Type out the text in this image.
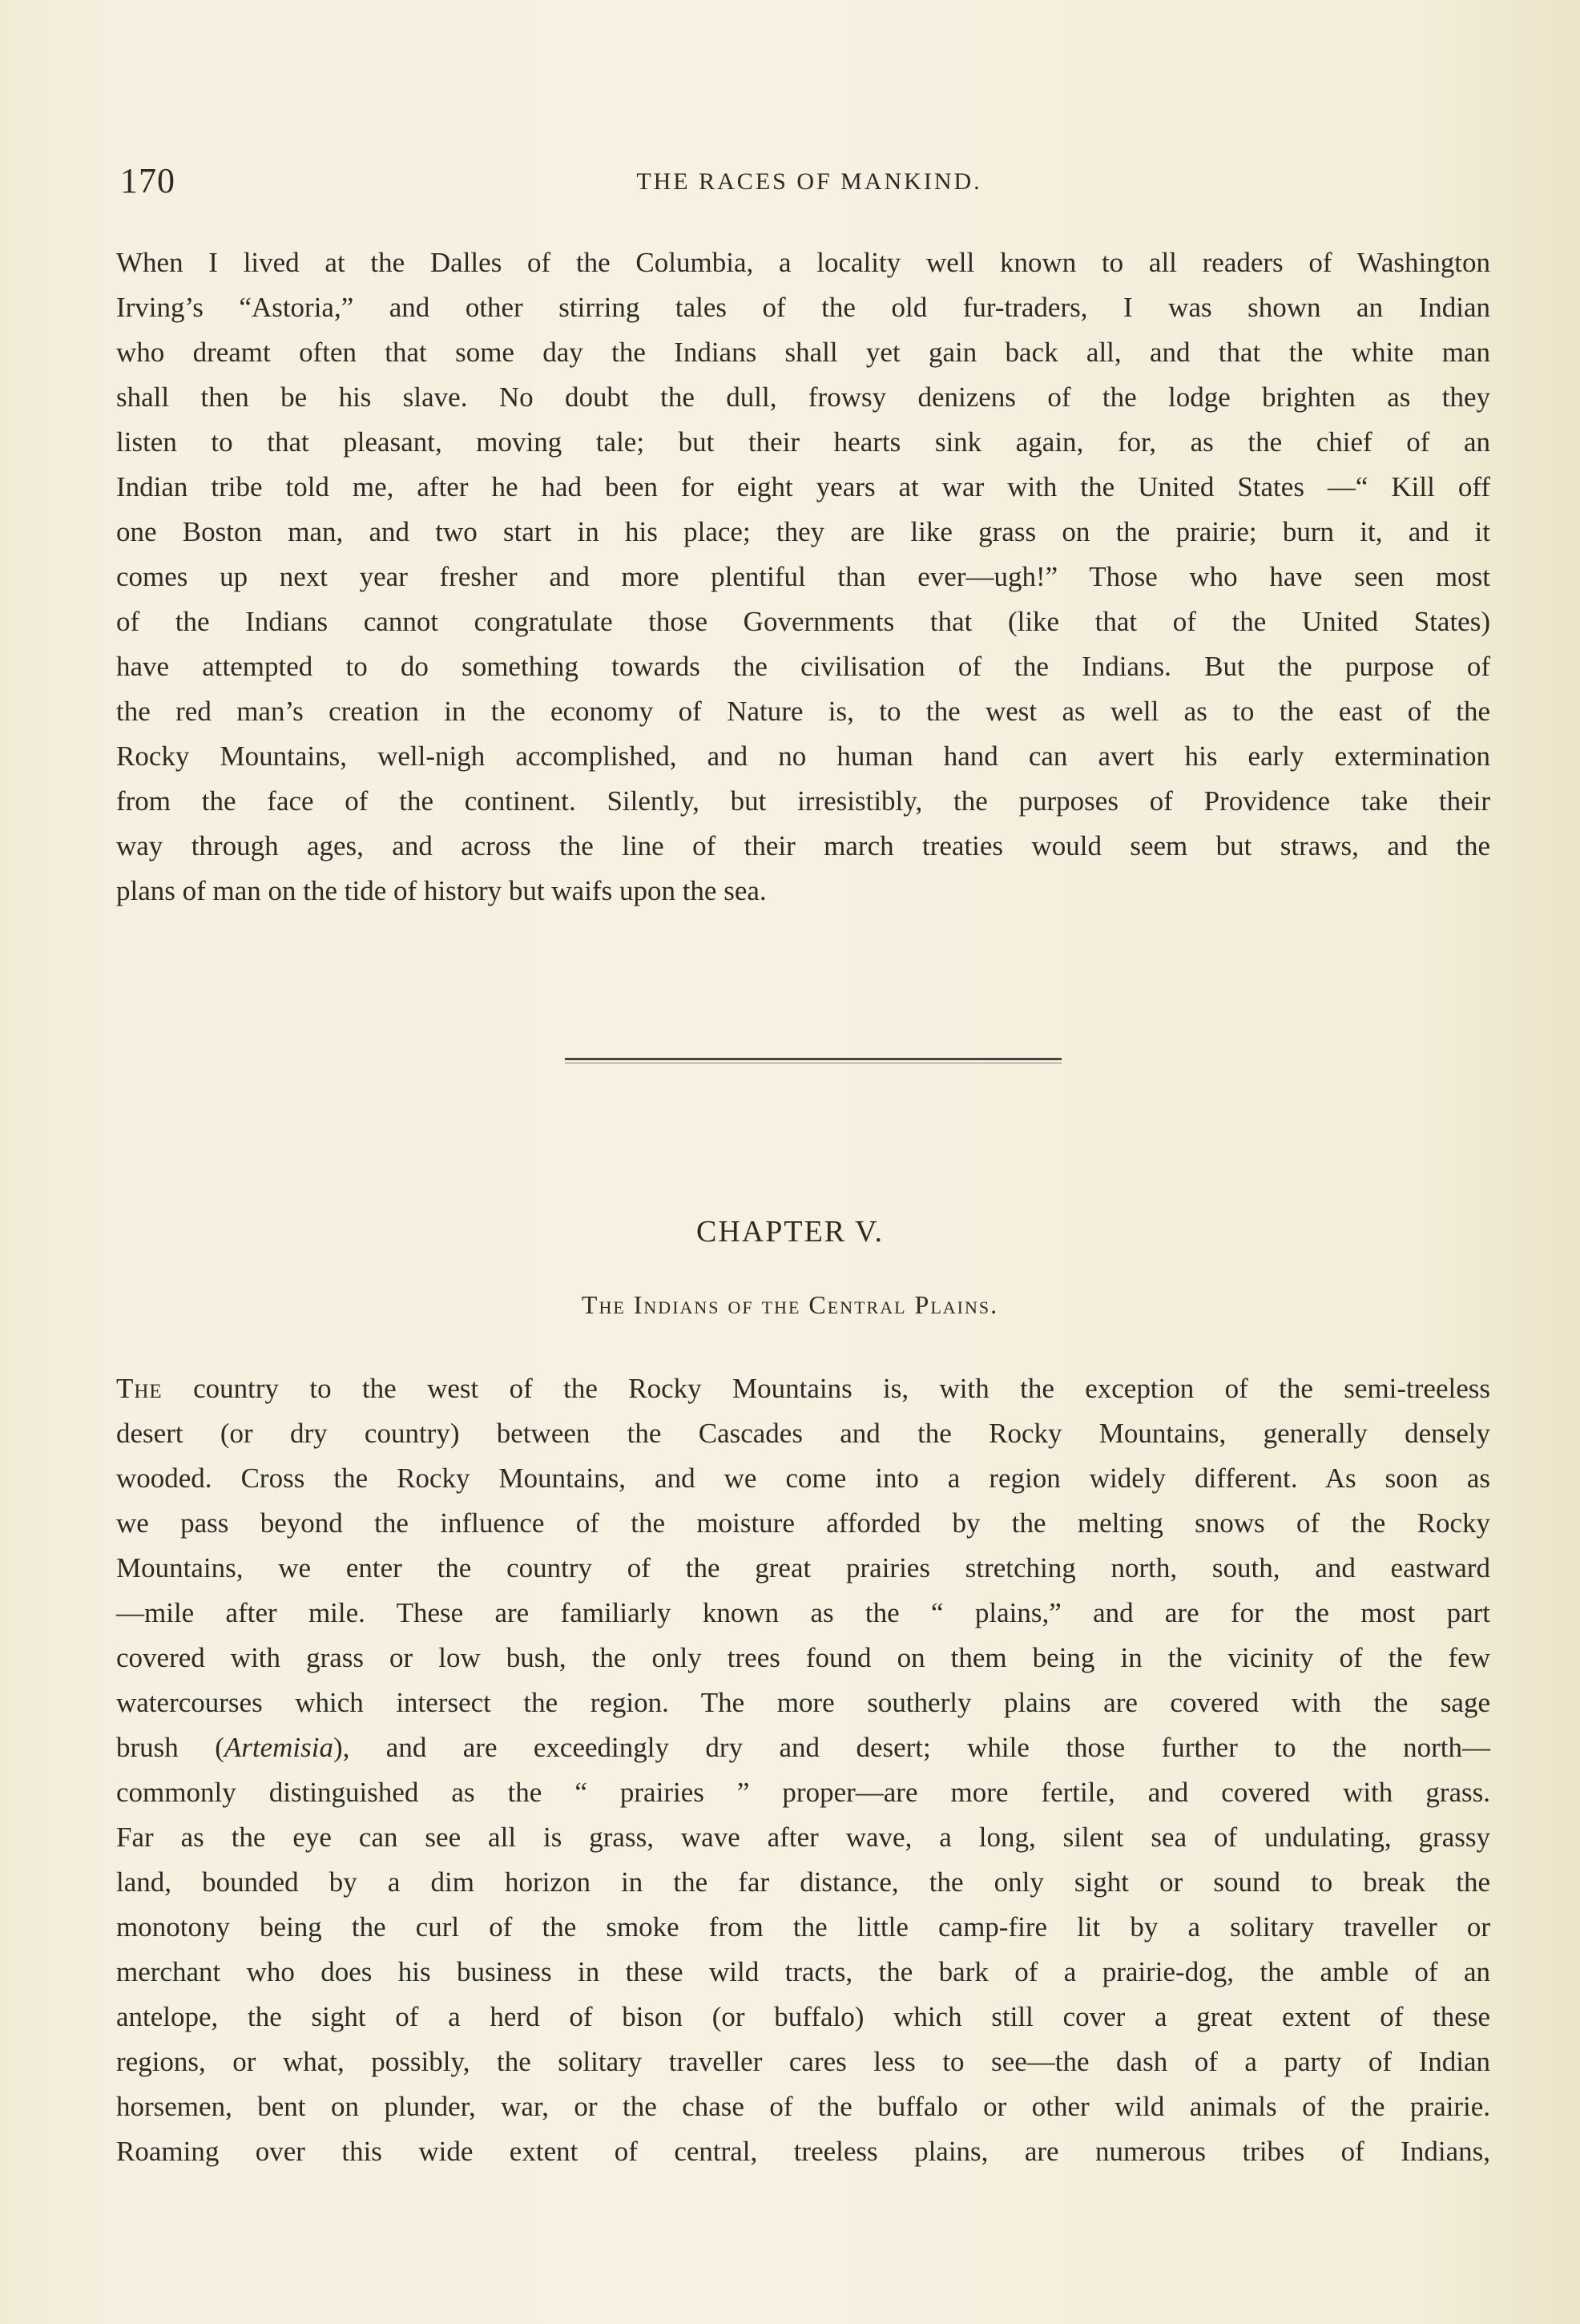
170	THE RACES OF MANKIND.
When I lived at the Dalles of the Columbia, a locality well known to all readers of Washington
Irving’s “Astoria,” and other stirring tales of the old fur-traders, I was shown an Indian
who dreamt often that some day the Indians shall yet gain back all, and that the white man
shall then be his slave. No doubt the dull, frowsy denizens of the lodge brighten as they
listen to that pleasant, moving tale; but their hearts sink again, for, as the chief of an
Indian tribe told me, after he had been for eight years at war with the United States —“ Kill off
one Boston man, and two start in his place; they are like grass on the prairie; burn it, and it
comes up next year fresher and more plentiful than ever—ugh!” Those who have seen most
of the Indians cannot congratulate those Governments that (like that of the United States)
have attempted to do something towards the civilisation of the Indians. But the purpose of
the red man’s creation in the economy of Nature is, to the west as well as to the east of the
Rocky Mountains, well-nigh accomplished, and no human hand can avert his early extermination
from the face of the continent. Silently, but irresistibly, the purposes of Providence take their
way through ages, and across the line of their march treaties would seem but straws, and the
plans of man on the tide of history but waifs upon the sea.
CHAPTER V.
The Indians of the Central Plains.
The country to the west of the Rocky Mountains is, with the exception of the semi-treeless
desert (or dry country) between the Cascades and the Rocky Mountains, generally densely
wooded. Cross the Rocky Mountains, and we come into a region widely different. As soon as
we pass beyond the influence of the moisture afforded by the melting snows of the Rocky
Mountains, we enter the country of the great prairies stretching north, south, and eastward
—mile after mile. These are familiarly known as the “ plains,” and are for the most part
covered with grass or low bush, the only trees found on them being in the vicinity of the few
watercourses which intersect the region. The more southerly plains are covered with the sage
brush (Artemisia), and are exceedingly dry and desert; while those further to the north—
commonly distinguished as the “ prairies ” proper—are more fertile, and covered with grass.
Far as the eye can see all is grass, wave after wave, a long, silent sea of undulating, grassy
land, bounded by a dim horizon in the far distance, the only sight or sound to break the
monotony being the curl of the smoke from the little camp-fire lit by a solitary traveller or
merchant who does his business in these wild tracts, the bark of a prairie-dog, the amble of an
antelope, the sight of a herd of bison (or buffalo) which still cover a great extent of these
regions, or what, possibly, the solitary traveller cares less to see—the dash of a party of Indian
horsemen, bent on plunder, war, or the chase of the buffalo or other wild animals of the prairie.
Roaming over this wide extent of central, treeless plains, are numerous tribes of Indians,
